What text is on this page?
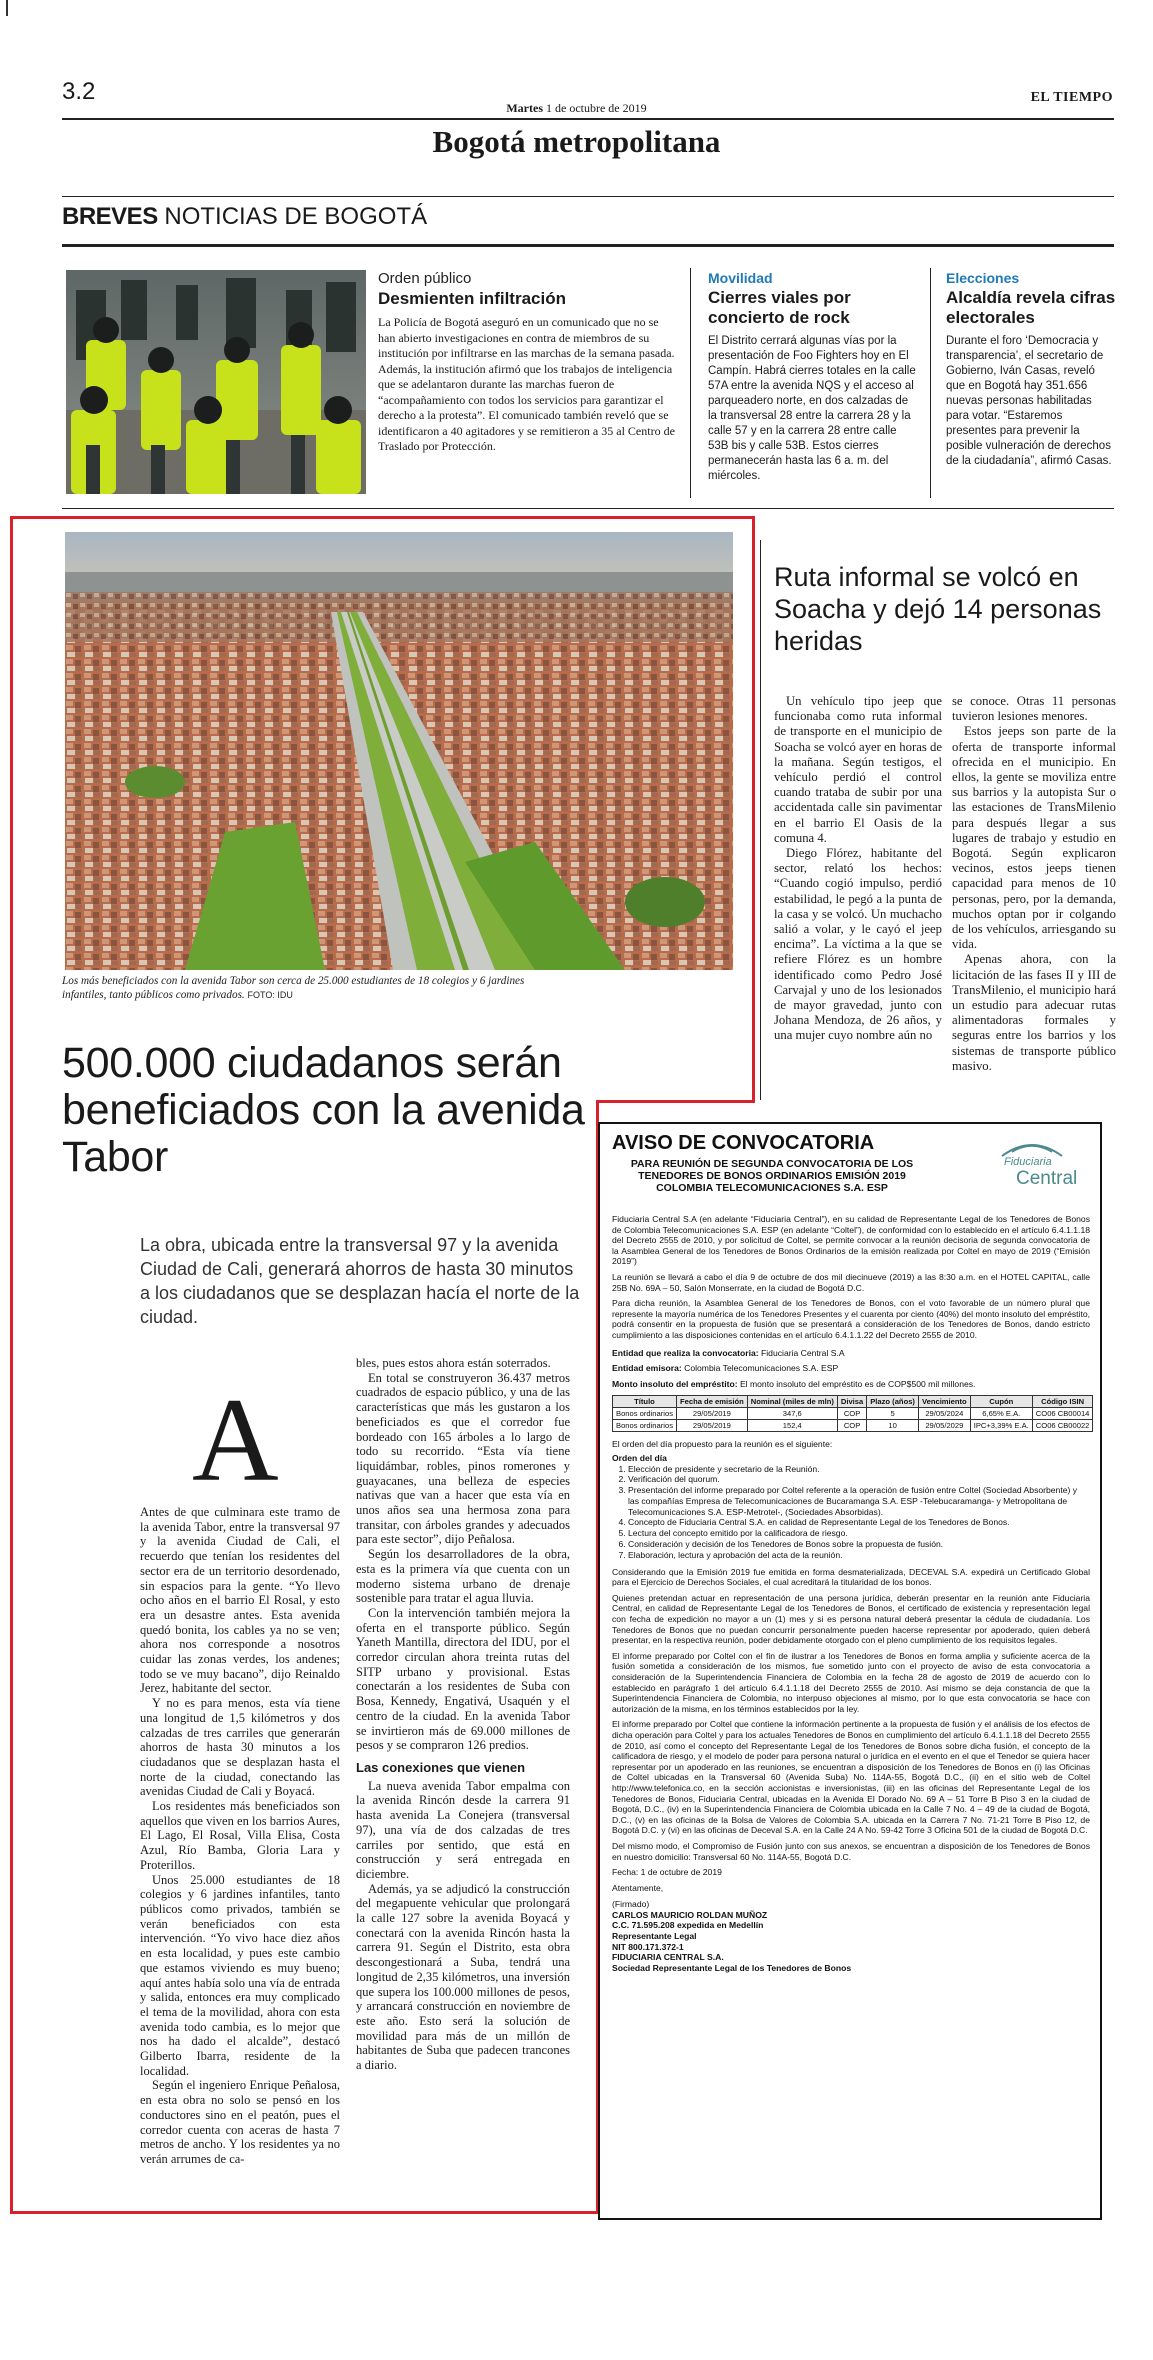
3.2
Martes 1 de octubre de 2019
EL TIEMPO
Bogotá metropolitana
BREVES NOTICIAS DE BOGOTÁ
Orden público
Desmienten infiltración
La Policía de Bogotá aseguró en un comunicado que no se han abierto investigaciones en contra de miembros de su institución por infiltrarse en las marchas de la semana pasada. Además, la institución afirmó que los trabajos de inteligencia que se adelantaron durante las marchas fueron de “acompañamiento con todos los servicios para garantizar el derecho a la protesta”. El comunicado también reveló que se identificaron a 40 agitadores y se remitieron a 35 al Centro de Traslado por Protección.
Movilidad
Cierres viales por concierto de rock
El Distrito cerrará algunas vías por la presentación de Foo Fighters hoy en El Campín. Habrá cierres totales en la calle 57A entre la avenida NQS y el acceso al parqueadero norte, en dos calzadas de la transversal 28 entre la carrera 28 y la calle 57 y en la carrera 28 entre calle 53B bis y calle 53B. Estos cierres permanecerán hasta las 6 a. m. del miércoles.
Elecciones
Alcaldía revela cifras electorales
Durante el foro ‘Democracia y transparencia’, el secretario de Gobierno, Iván Casas, reveló que en Bogotá hay 351.656 nuevas personas habilitadas para votar. “Estaremos presentes para prevenir la posible vulneración de derechos de la ciudadanía”, afirmó Casas.
Los más beneficiados con la avenida Tabor son cerca de 25.000 estudiantes de 18 colegios y 6 jardines infantiles, tanto públicos como privados. FOTO: IDU
Ruta informal se volcó en Soacha y dejó 14 personas heridas

Un vehículo tipo jeep que funcionaba como ruta informal de transporte en el municipio de Soacha se volcó ayer en horas de la mañana. Según testigos, el vehículo perdió el control cuando trataba de subir por una accidentada calle sin pavimentar en el barrio El Oasis de la comuna 4.

Diego Flórez, habitante del sector, relató los hechos: “Cuando cogió impulso, perdió estabilidad, le pegó a la punta de la casa y se volcó. Un muchacho salió a volar, y le cayó el jeep encima”. La víctima a la que se refiere Flórez es un hombre identificado como Pedro José Carvajal y uno de los lesionados de mayor gravedad, junto con Johana Mendoza, de 26 años, y una mujer cuyo nombre aún no

se conoce. Otras 11 personas tuvieron lesiones menores.

Estos jeeps son parte de la oferta de transporte informal ofrecida en el municipio. En ellos, la gente se moviliza entre sus barrios y la autopista Sur o las estaciones de TransMilenio para después llegar a sus lugares de trabajo y estudio en Bogotá. Según explicaron vecinos, estos jeeps tienen capacidad para menos de 10 personas, pero, por la demanda, muchos optan por ir colgando de los vehículos, arriesgando su vida.

Apenas ahora, con la licitación de las fases II y III de TransMilenio, el municipio hará un estudio para adecuar rutas alimentadoras formales y seguras entre los barrios y los sistemas de transporte público masivo.

500.000 ciudadanos serán beneficiados con la avenida Tabor
La obra, ubicada entre la transversal 97 y la avenida Ciudad de Cali, generará ahorros de hasta 30 minutos a los ciudadanos que se desplazan hacía el norte de la ciudad.
A

Antes de que culminara este tramo de la avenida Tabor, entre la transversal 97 y la avenida Ciudad de Cali, el recuerdo que tenían los residentes del sector era de un territorio desordenado, sin espacios para la gente. “Yo llevo ocho años en el barrio El Rosal, y esto era un desastre antes. Esta avenida quedó bonita, los cables ya no se ven; ahora nos corresponde a nosotros cuidar las zonas verdes, los andenes; todo se ve muy bacano”, dijo Reinaldo Jerez, habitante del sector.

Y no es para menos, esta vía tiene una longitud de 1,5 kilómetros y dos calzadas de tres carriles que generarán ahorros de hasta 30 minutos a los ciudadanos que se desplazan hasta el norte de la ciudad, conectando las avenidas Ciudad de Cali y Boyacá.

Los residentes más beneficiados son aquellos que viven en los barrios Aures, El Lago, El Rosal, Villa Elisa, Costa Azul, Río Bamba, Gloria Lara y Proterillos.

Unos 25.000 estudiantes de 18 colegios y 6 jardines infantiles, tanto públicos como privados, también se verán beneficiados con esta intervención. “Yo vivo hace diez años en esta localidad, y pues este cambio que estamos viviendo es muy bueno; aquí antes había solo una vía de entrada y salida, entonces era muy complicado el tema de la movilidad, ahora con esta avenida todo cambia, es lo mejor que nos ha dado el alcalde”, destacó Gilberto Ibarra, residente de la localidad.

Según el ingeniero Enrique Peñalosa, en esta obra no solo se pensó en los conductores sino en el peatón, pues el corredor cuenta con aceras de hasta 7 metros de ancho. Y los residentes ya no verán arrumes de ca-

bles, pues estos ahora están soterrados.

En total se construyeron 36.437 metros cuadrados de espacio público, y una de las características que más les gustaron a los beneficiados es que el corredor fue bordeado con 165 árboles a lo largo de todo su recorrido. “Esta vía tiene liquidámbar, robles, pinos romerones y guayacanes, una belleza de especies nativas que van a hacer que esta vía en unos años sea una hermosa zona para transitar, con árboles grandes y adecuados para este sector”, dijo Peñalosa.

Según los desarrolladores de la obra, esta es la primera vía que cuenta con un moderno sistema urbano de drenaje sostenible para tratar el agua lluvia.

Con la intervención también mejora la oferta en el transporte público. Según Yaneth Mantilla, directora del IDU, por el corredor circulan ahora treinta rutas del SITP urbano y provisional. Estas conectarán a los residentes de Suba con Bosa, Kennedy, Engativá, Usaquén y el centro de la ciudad. En la avenida Tabor se invirtieron más de 69.000 millones de pesos y se compraron 126 predios.

Las conexiones que vienen

La nueva avenida Tabor empalma con la avenida Rincón desde la carrera 91 hasta avenida La Conejera (transversal 97), una vía de dos calzadas de tres carriles por sentido, que está en construcción y será entregada en diciembre.

Además, ya se adjudicó la construcción del megapuente vehicular que prolongará la calle 127 sobre la avenida Boyacá y conectará con la avenida Rincón hasta la carrera 91. Según el Distrito, esta obra descongestionará a Suba, tendrá una longitud de 2,35 kilómetros, una inversión que supera los 100.000 millones de pesos, y arrancará construcción en noviembre de este año. Esto será la solución de movilidad para más de un millón de habitantes de Suba que padecen trancones a diario.

AVISO DE CONVOCATORIA
PARA REUNIÓN DE SEGUNDA CONVOCATORIA DE LOS TENEDORES DE BONOS ORDINARIOS EMISIÓN 2019 COLOMBIA TELECOMUNICACIONES S.A. ESP
Fiduciaria
Central

Fiduciaria Central S.A (en adelante “Fiduciaria Central”), en su calidad de Representante Legal de los Tenedores de Bonos de Colombia Telecomunicaciones S.A. ESP (en adelante “Coltel”), de conformidad con lo establecido en el artículo 6.4.1.1.18 del Decreto 2555 de 2010, y por solicitud de Coltel, se permite convocar a la reunión decisoria de segunda convocatoria de la Asamblea General de los Tenedores de Bonos Ordinarios de la emisión realizada por Coltel en mayo de 2019 (“Emisión 2019”)

La reunión se llevará a cabo el día 9 de octubre de dos mil diecinueve (2019) a las 8:30 a.m. en el HOTEL CAPITAL, calle 25B No. 69A – 50, Salón Monserrate, en la ciudad de Bogotá D.C.

Para dicha reunión, la Asamblea General de los Tenedores de Bonos, con el voto favorable de un número plural que represente la mayoría numérica de los Tenedores Presentes y el cuarenta por ciento (40%) del monto insoluto del empréstito, podrá consentir en la propuesta de fusión que se presentará a consideración de los Tenedores de Bonos, dando estricto cumplimiento a las disposiciones contenidas en el artículo 6.4.1.1.22 del Decreto 2555 de 2010.

Entidad que realiza la convocatoria: Fiduciaria Central S.A

Entidad emisora: Colombia Telecomunicaciones S.A. ESP

Monto insoluto del empréstito: El monto insoluto del empréstito es de COP$500 mil millones.

Título	Fecha de emisión	Nominal (miles de mln)	Divisa	Plazo (años)	Vencimiento	Cupón	Código ISIN
Bonos ordinarios	29/05/2019	347,6	COP	5	29/05/2024	6,65% E.A.	CO06 CB00014
Bonos ordinarios	29/05/2019	152,4	COP	10	29/05/2029	IPC+3,39% E.A.	CO06 CB00022

El orden del día propuesto para la reunión es el siguiente:

Orden del día

1. Elección de presidente y secretario de la Reunión.
2. Verificación del quorum.
3. Presentación del informe preparado por Coltel referente a la operación de fusión entre Coltel (Sociedad Absorbente) y las compañías Empresa de Telecomunicaciones de Bucaramanga S.A. ESP -Telebucaramanga- y Metropolitana de Telecomunicaciones S.A. ESP-Metrotel-, (Sociedades Absorbidas).
4. Concepto de Fiduciaria Central S.A. en calidad de Representante Legal de los Tenedores de Bonos.
5. Lectura del concepto emitido por la calificadora de riesgo.
6. Consideración y decisión de los Tenedores de Bonos sobre la propuesta de fusión.
7. Elaboración, lectura y aprobación del acta de la reunión.

Considerando que la Emisión 2019 fue emitida en forma desmaterializada, DECEVAL S.A. expedirá un Certificado Global para el Ejercicio de Derechos Sociales, el cual acreditará la titularidad de los bonos.

Quienes pretendan actuar en representación de una persona jurídica, deberán presentar en la reunión ante Fiduciaria Central, en calidad de Representante Legal de los Tenedores de Bonos, el certificado de existencia y representación legal con fecha de expedición no mayor a un (1) mes y si es persona natural deberá presentar la cédula de ciudadanía. Los Tenedores de Bonos que no puedan concurrir personalmente pueden hacerse representar por apoderado, quien deberá presentar, en la respectiva reunión, poder debidamente otorgado con el pleno cumplimiento de los requisitos legales.

El informe preparado por Coltel con el fin de ilustrar a los Tenedores de Bonos en forma amplia y suficiente acerca de la fusión sometida a consideración de los mismos, fue sometido junto con el proyecto de aviso de esta convocatoria a consideración de la Superintendencia Financiera de Colombia en la fecha 28 de agosto de 2019 de acuerdo con lo establecido en parágrafo 1 del artículo 6.4.1.1.18 del Decreto 2555 de 2010. Así mismo se deja constancia de que la Superintendencia Financiera de Colombia, no interpuso objeciones al mismo, por lo que esta convocatoria se hace con autorización de la misma, en los términos establecidos por la ley.

El informe preparado por Coltel que contiene la información pertinente a la propuesta de fusión y el análisis de los efectos de dicha operación para Coltel y para los actuales Tenedores de Bonos en cumplimiento del artículo 6.4.1.1.18 del Decreto 2555 de 2010, así como el concepto del Representante Legal de los Tenedores de Bonos sobre dicha fusión, el concepto de la calificadora de riesgo, y el modelo de poder para persona natural o jurídica en el evento en el que el Tenedor se quiera hacer representar por un apoderado en las reuniones, se encuentran a disposición de los Tenedores de Bonos en (i) las Oficinas de Coltel ubicadas en la Transversal 60 (Avenida Suba) No. 114A-55, Bogotá D.C., (ii) en el sitio web de Coltel http://www.telefonica.co, en la sección accionistas e inversionistas, (iii) en las oficinas del Representante Legal de los Tenedores de Bonos, Fiduciaria Central, ubicadas en la Avenida El Dorado No. 69 A – 51 Torre B Piso 3 en la ciudad de Bogotá, D.C., (iv) en la Superintendencia Financiera de Colombia ubicada en la Calle 7 No. 4 – 49 de la ciudad de Bogotá, D.C., (v) en las oficinas de la Bolsa de Valores de Colombia S.A. ubicada en la Carrera 7 No. 71-21 Torre B Piso 12, de Bogotá D.C. y (vi) en las oficinas de Deceval S.A. en la Calle 24 A No. 59-42 Torre 3 Oficina 501 de la ciudad de Bogotá D.C.

Del mismo modo, el Compromiso de Fusión junto con sus anexos, se encuentran a disposición de los Tenedores de Bonos en nuestro domicilio: Transversal 60 No. 114A-55, Bogotá D.C.

Fecha: 1 de octubre de 2019

Atentamente,

(Firmado)

CARLOS MAURICIO ROLDAN MUÑOZ

C.C. 71.595.208 expedida en Medellín

Representante Legal

NIT 800.171.372-1

FIDUCIARIA CENTRAL S.A.

Sociedad Representante Legal de los Tenedores de Bonos
